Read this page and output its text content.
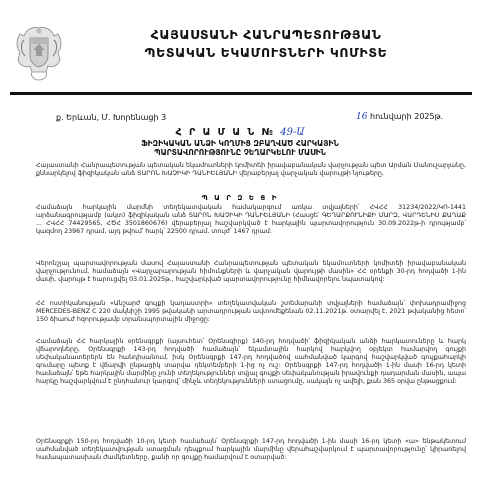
ՀԱՅԱՍՏԱՆԻ ՀԱՆՐԱՊԵՏՈՒԹՅԱՆ
ՊԵՏԱԿԱՆ ԵԿԱՄՈՒՏՆԵՐԻ ԿՈՄԻՏԵ
ք. Երևան, Մ. Խորենացի 3	16 հունվարի 2025թ.
Հ Ր Ա Մ Ա Ն № 49-Ա
ՖԻԶԻԿԱԿԱՆ ԱՆՁԻ ԿՈՂՄԻՑ ԶԲԱՂՎԱԾ ՀԱՐԿԱՅԻՆ
ՊԱՐՏԱՎՈՐՈՒԹՅՈՒՆԸ ՉԵՂԱՐԿԵԼՈՒ ՄԱՍԻՆ
Հայաստանի Հանրապետության պետական եկամուտների կոմիտեի իրավաբանական վարչության պետ Արման Մանուչարյանը, քննարկելով ֆիզիկական անձ ՏԱՐՈՆ ԽԱՉԻԿԻ ԴԱՆԻԵԼՅԱՆԻ վերաբերյալ վարչական վարույթի նյութերը,
Պ Ա Ր Զ Ե Ց Ի
Համաձայն հարկային մարմնի տեղեկատվական համակարգում առկա տվյալների՝ ՀՎՀՀ 31234/2022/ԿՈ-1441 արձանագրությամբ (ակտ) ֆիզիկական անձ ՏԱՐՈՆ ԽԱՉԻԿԻ ԴԱՆԻԵԼՅԱՆԻ (Հասցե՝ ԳԵՂԱՐՔՈՒՆԻՔԻ ՄԱՐԶ, ՎԱՐԴԵՆԻՍ ՔԱՂԱՔ ... ՀՎՀՀ 74429565, ՀԾՀ 3501860676) վերաբերյալ հաշվարկված է հարկային պարտավորություն 30.09.2022թ-ի դրությամբ՝ կազմող 23967 դրամ, այդ թվում՝ հարկ՝ 22500 դրամ, տույժ՝ 1467 դրամ:
Վերոնշյալ պարտավորության մասով Հայաստանի Հանրապետության պետական եկամուտների կոմիտեի իրավաբանական վարչությունում, համաձայն «Վարչարարության հիմունքների և վարչական վարույթի մասին» ՀՀ օրենքի 30-րդ հոդվածի 1-ին մասի, վարույթ է հարուցվել 03.01.2025թ., հաշվարկված պարտավորությունը հիմնավորելու նպատակով:
ՀՀ ոստիկանության «Անշարժ գույքի կադաստրի» տեղեկատվական շտեմարանի տվյալների համաձայն՝ փոխադրամիջոց MERCEDES-BENZ C 220 մակնիշի 1995 թվականի արտադրության ավտոմեքենան 02.11.2021թ. օտարվել է, 2021 թվականից հետո՝ 150 ձիաուժ հզորությամբ տրանսպորտային միջոցը:
Համաձայն ՀՀ հարկային օրենսգրքի (այսուհետ՝ Օրենսգիրք) 140-րդ հոդվածի՝ ֆիզիկական անձի հարկատուները և հարկ վճարողները, Օրենսգրքի 143-րդ հոդվածի համաձայն՝ եկամտային հարկով հարկվող օբյեկտ համարվող գույքի սեփականատերերն են հանդիսանում, իսկ Օրենսգրքի 147-րդ հոդվածով սահմանված կարգով հաշվարկված գույքահարկի գումարը պետք է վճարվի ընթացիկ տարվա դեկտեմբերի 1-ից ոչ ուշ: Օրենսգրքի 147-րդ հոդվածի 1-ին մասի 16-րդ կետի համաձայն՝ եթե հարկային մարմինը չունի տեղեկություններ տվյալ գույքի սեփականության իրավունքի դադարման մասին, ապա հարկը հաշվարկվում է ընդհանուր կարգով՝ մինչև տեղեկությունների ստացումը, սակայն ոչ ավելի, քան 365 օրվա ընթացքում:
Օրենսգրքի 150-րդ հոդվածի 10-րդ կետի համաձայն՝ Օրենսգրքի 147-րդ հոդվածի 1-ին մասի 16-րդ կետի «ա» ենթակետում սահմանված տեղեկատվության ստացման դեպքում հարկային մարմինը վերահաշվարկում է պարտավորությունը՝ կիրառելով համապատասխան ժամկետները, քանի որ գույքը համարվում է օտարված:
